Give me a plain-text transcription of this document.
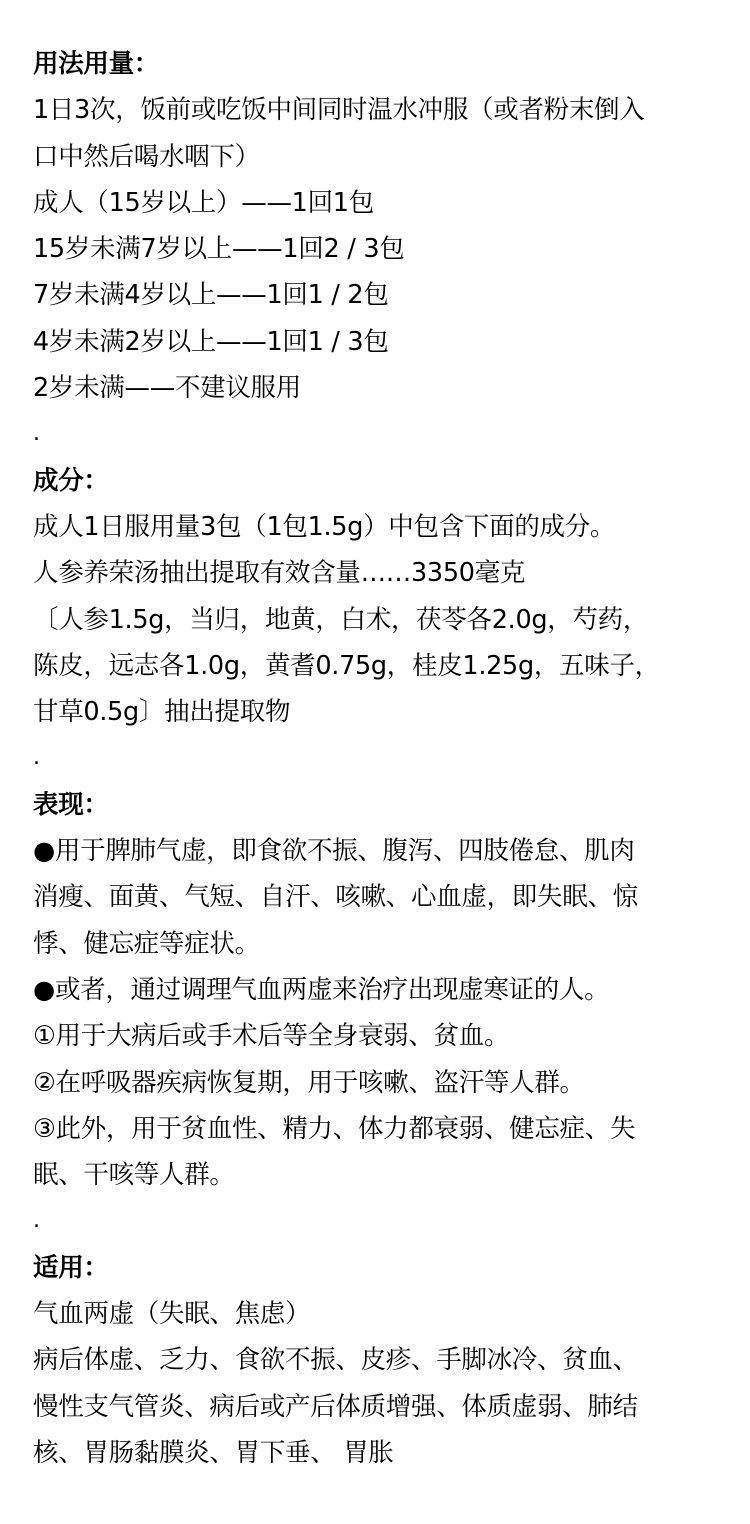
用法用量：
1日3次，饭前或吃饭中间同时温水冲服（或者粉末倒入
口中然后喝水咽下）
成人（15岁以上）——1回1包
15岁未满7岁以上——1回2 / 3包
7岁未满4岁以上——1回1 / 2包
4岁未满2岁以上——1回1 / 3包
2岁未满——不建议服用
.
成分：
成人1日服用量3包（1包1.5g）中包含下面的成分。
人参养荣汤抽出提取有效含量……3350毫克
〔人参1.5g，当归，地黄，白术，茯苓各2.0g，芍药，
陈皮，远志各1.0g，黄耆0.75g，桂皮1.25g，五味子，
甘草0.5g〕抽出提取物
.
表现：
●用于脾肺气虚，即食欲不振、腹泻、四肢倦怠、肌肉
消瘦、面黄、气短、自汗、咳嗽、心血虚，即失眠、惊
悸、健忘症等症状。
●或者，通过调理气血两虚来治疗出现虚寒证的人。
①用于大病后或手术后等全身衰弱、贫血。
②在呼吸器疾病恢复期，用于咳嗽、盗汗等人群。
③此外，用于贫血性、精力、体力都衰弱、健忘症、失
眠、干咳等人群。
.
适用：
气血两虚（失眠、焦虑）
病后体虚、乏力、食欲不振、皮疹、手脚冰冷、贫血、
慢性支气管炎、病后或产后体质增强、体质虚弱、肺结
核、胃肠黏膜炎、胃下垂、 胃胀
